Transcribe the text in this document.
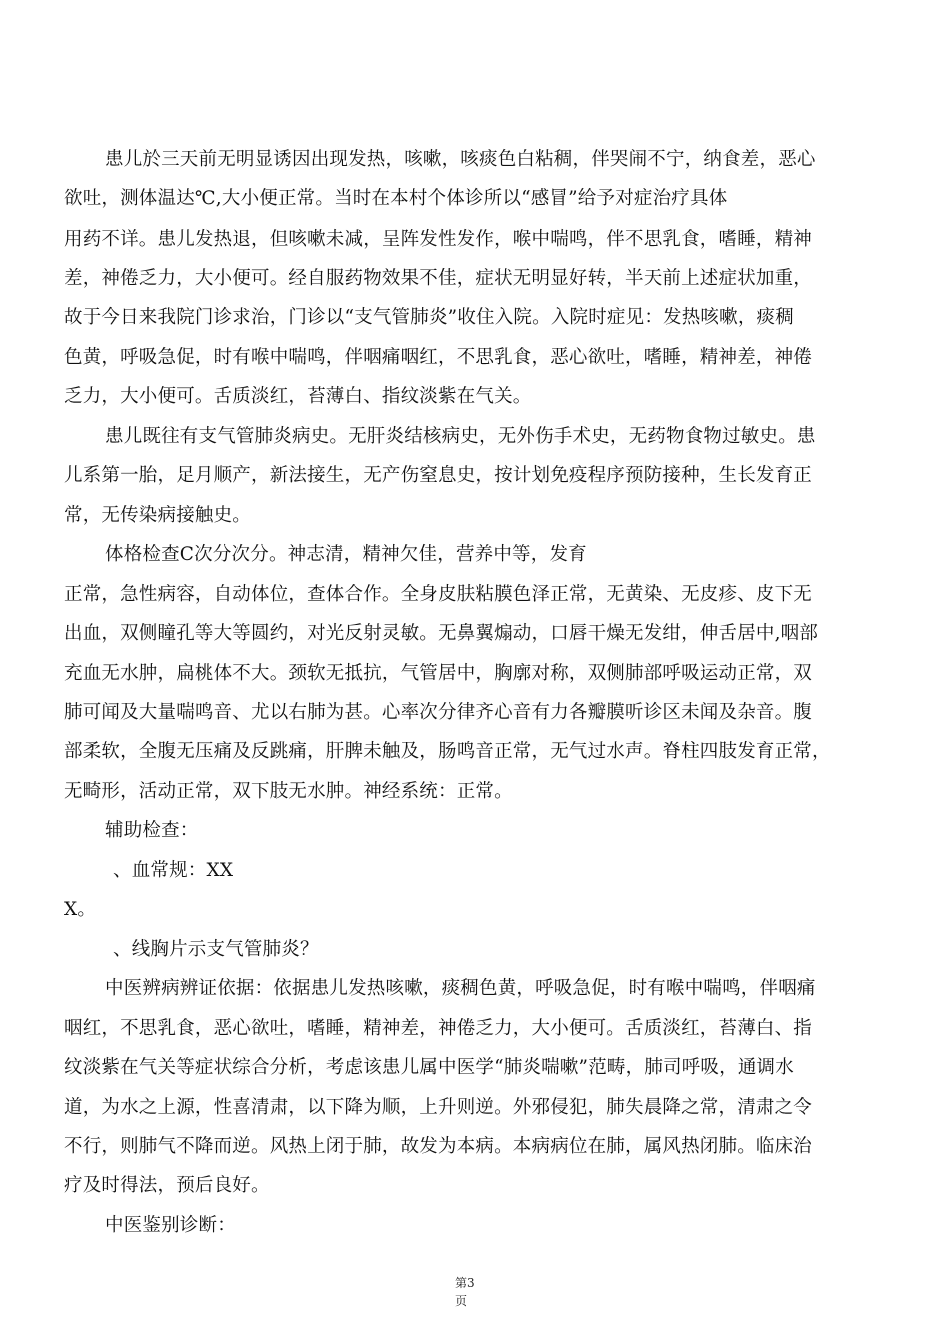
患儿於三天前无明显诱因出现发热，咳嗽，咳痰色白粘稠，伴哭闹不宁，纳食差，恶心
欲吐，测体温达℃,大小便正常。当时在本村个体诊所以“感冒”给予对症治疗具体
用药不详。患儿发热退，但咳嗽未减，呈阵发性发作，喉中喘鸣，伴不思乳食，嗜睡，精神
差，神倦乏力，大小便可。经自服药物效果不佳，症状无明显好转，半天前上述症状加重，
故于今日来我院门诊求治，门诊以“支气管肺炎”收住入院。入院时症见：发热咳嗽，痰稠
色黄，呼吸急促，时有喉中喘鸣，伴咽痛咽红，不思乳食，恶心欲吐，嗜睡，精神差，神倦
乏力，大小便可。舌质淡红，苔薄白、指纹淡紫在气关。
患儿既往有支气管肺炎病史。无肝炎结核病史，无外伤手术史，无药物食物过敏史。患
儿系第一胎，足月顺产，新法接生，无产伤窒息史，按计划免疫程序预防接种，生长发育正
常，无传染病接触史。
体格检查C次分次分。神志清，精神欠佳，营养中等，发育
正常，急性病容，自动体位，查体合作。全身皮肤粘膜色泽正常，无黄染、无皮疹、皮下无
出血，双侧瞳孔等大等圆约，对光反射灵敏。无鼻翼煽动，口唇干燥无发绀，伸舌居中,咽部
充血无水肿，扁桃体不大。颈软无抵抗，气管居中，胸廓对称，双侧肺部呼吸运动正常，双
肺可闻及大量喘鸣音、尤以右肺为甚。心率次分律齐心音有力各瓣膜听诊区未闻及杂音。腹
部柔软，全腹无压痛及反跳痛，肝脾未触及，肠鸣音正常，无气过水声。脊柱四肢发育正常，
无畸形，活动正常，双下肢无水肿。神经系统：正常。
辅助检查：
、血常规：XX
X。
、线胸片示支气管肺炎？
中医辨病辨证依据：依据患儿发热咳嗽，痰稠色黄，呼吸急促，时有喉中喘鸣，伴咽痛
咽红，不思乳食，恶心欲吐，嗜睡，精神差，神倦乏力，大小便可。舌质淡红，苔薄白、指
纹淡紫在气关等症状综合分析，考虑该患儿属中医学“肺炎喘嗽”范畴，肺司呼吸，通调水
道，为水之上源，性喜清肃，以下降为顺，上升则逆。外邪侵犯，肺失晨降之常，清肃之令
不行，则肺气不降而逆。风热上闭于肺，故发为本病。本病病位在肺，属风热闭肺。临床治
疗及时得法，预后良好。
中医鉴别诊断：
第3
页
